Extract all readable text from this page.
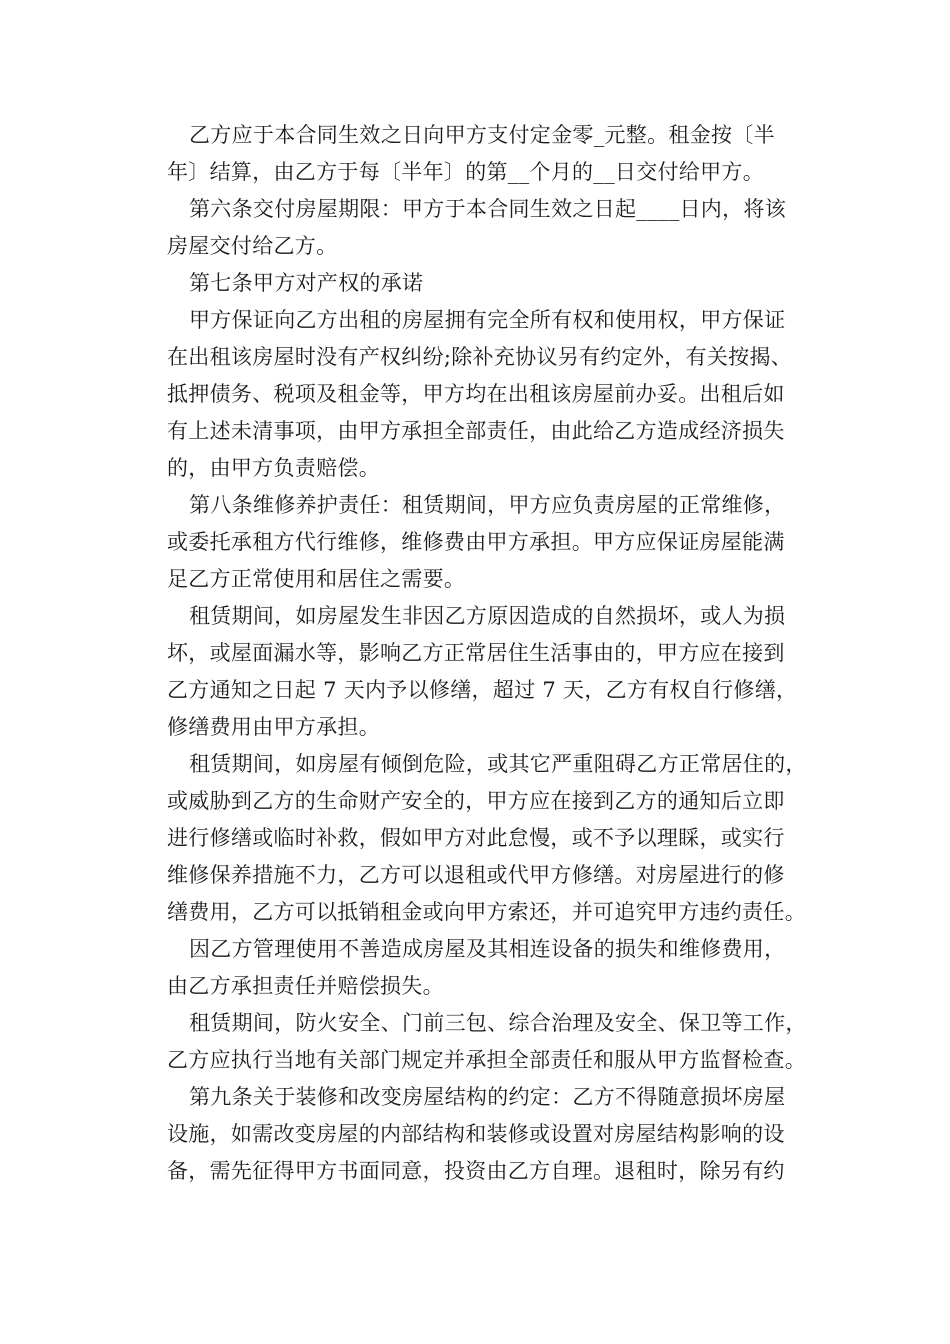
乙方应于本合同生效之日向甲方支付定金零_元整。租金按〔半
年〕结算，由乙方于每〔半年〕的第__个月的__日交付给甲方。
第六条交付房屋期限：甲方于本合同生效之日起____日内，将该
房屋交付给乙方。
第七条甲方对产权的承诺
甲方保证向乙方出租的房屋拥有完全所有权和使用权，甲方保证
在出租该房屋时没有产权纠纷;除补充协议另有约定外，有关按揭、
抵押债务、税项及租金等，甲方均在出租该房屋前办妥。出租后如
有上述未清事项，由甲方承担全部责任，由此给乙方造成经济损失
的，由甲方负责赔偿。
第八条维修养护责任：租赁期间，甲方应负责房屋的正常维修，
或委托承租方代行维修，维修费由甲方承担。甲方应保证房屋能满
足乙方正常使用和居住之需要。
租赁期间，如房屋发生非因乙方原因造成的自然损坏，或人为损
坏，或屋面漏水等，影响乙方正常居住生活事由的，甲方应在接到
乙方通知之日起 7 天内予以修缮，超过 7 天，乙方有权自行修缮，
修缮费用由甲方承担。
租赁期间，如房屋有倾倒危险，或其它严重阻碍乙方正常居住的，
或威胁到乙方的生命财产安全的，甲方应在接到乙方的通知后立即
进行修缮或临时补救，假如甲方对此怠慢，或不予以理睬，或实行
维修保养措施不力，乙方可以退租或代甲方修缮。对房屋进行的修
缮费用，乙方可以抵销租金或向甲方索还，并可追究甲方违约责任。
因乙方管理使用不善造成房屋及其相连设备的损失和维修费用，
由乙方承担责任并赔偿损失。
租赁期间，防火安全、门前三包、综合治理及安全、保卫等工作，
乙方应执行当地有关部门规定并承担全部责任和服从甲方监督检查。
第九条关于装修和改变房屋结构的约定：乙方不得随意损坏房屋
设施，如需改变房屋的内部结构和装修或设置对房屋结构影响的设
备，需先征得甲方书面同意，投资由乙方自理。退租时，除另有约
